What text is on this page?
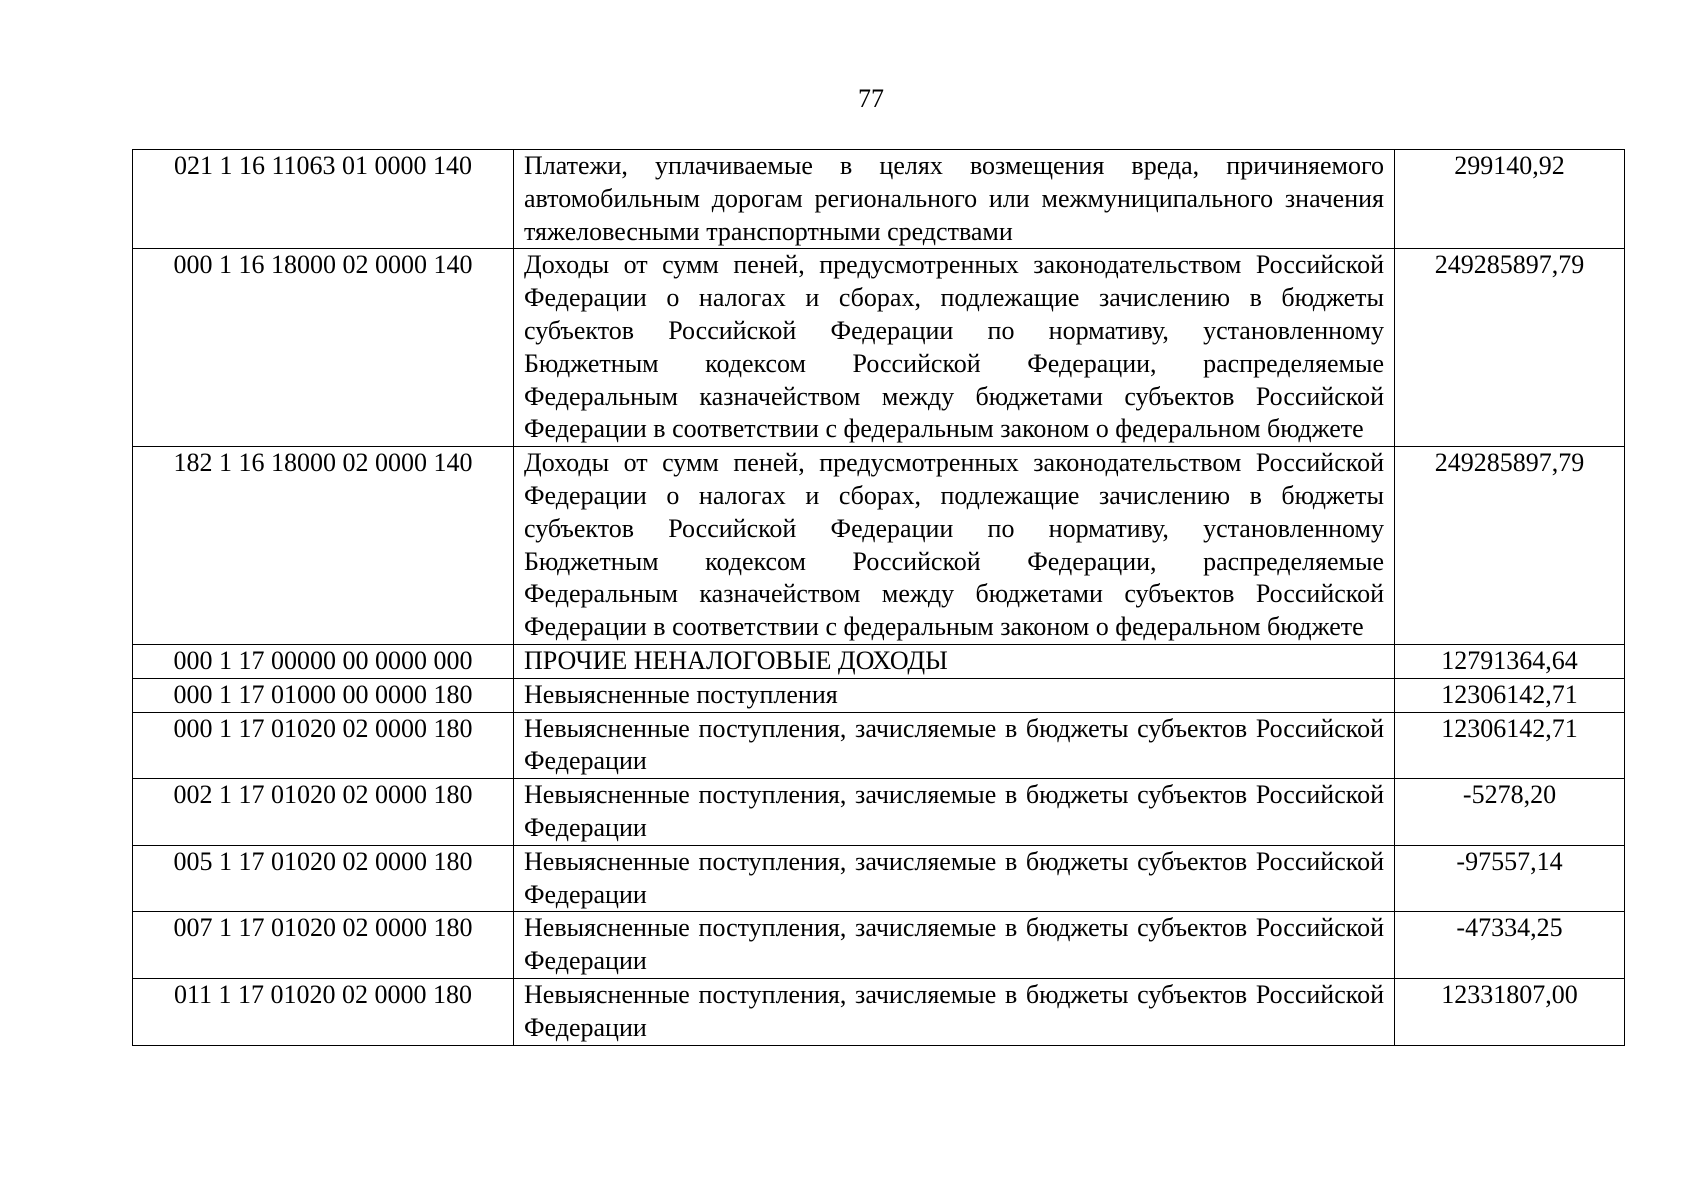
77
021 1 16 11063 01 0000 140	Платежи, уплачиваемые в целях возмещения вреда, причиняемого автомобильным дорогам регионального или межмуниципального значения тяжеловесными транспортными средствами	299140,92
000 1 16 18000 02 0000 140	Доходы от сумм пеней, предусмотренных законодательством Российской Федерации о налогах и сборах, подлежащие зачислению в бюджеты субъектов Российской Федерации по нормативу, установленному Бюджетным кодексом Российской Федерации, распределяемые Федеральным казначейством между бюджетами субъектов Российской Федерации в соответствии с федеральным законом о федеральном бюджете	249285897,79
182 1 16 18000 02 0000 140	Доходы от сумм пеней, предусмотренных законодательством Российской Федерации о налогах и сборах, подлежащие зачислению в бюджеты субъектов Российской Федерации по нормативу, установленному Бюджетным кодексом Российской Федерации, распределяемые Федеральным казначейством между бюджетами субъектов Российской Федерации в соответствии с федеральным законом о федеральном бюджете	249285897,79
000 1 17 00000 00 0000 000	ПРОЧИЕ НЕНАЛОГОВЫЕ ДОХОДЫ	12791364,64
000 1 17 01000 00 0000 180	Невыясненные поступления	12306142,71
000 1 17 01020 02 0000 180	Невыясненные поступления, зачисляемые в бюджеты субъектов Российской Федерации	12306142,71
002 1 17 01020 02 0000 180	Невыясненные поступления, зачисляемые в бюджеты субъектов Российской Федерации	-5278,20
005 1 17 01020 02 0000 180	Невыясненные поступления, зачисляемые в бюджеты субъектов Российской Федерации	-97557,14
007 1 17 01020 02 0000 180	Невыясненные поступления, зачисляемые в бюджеты субъектов Российской Федерации	-47334,25
011 1 17 01020 02 0000 180	Невыясненные поступления, зачисляемые в бюджеты субъектов Российской Федерации	12331807,00
